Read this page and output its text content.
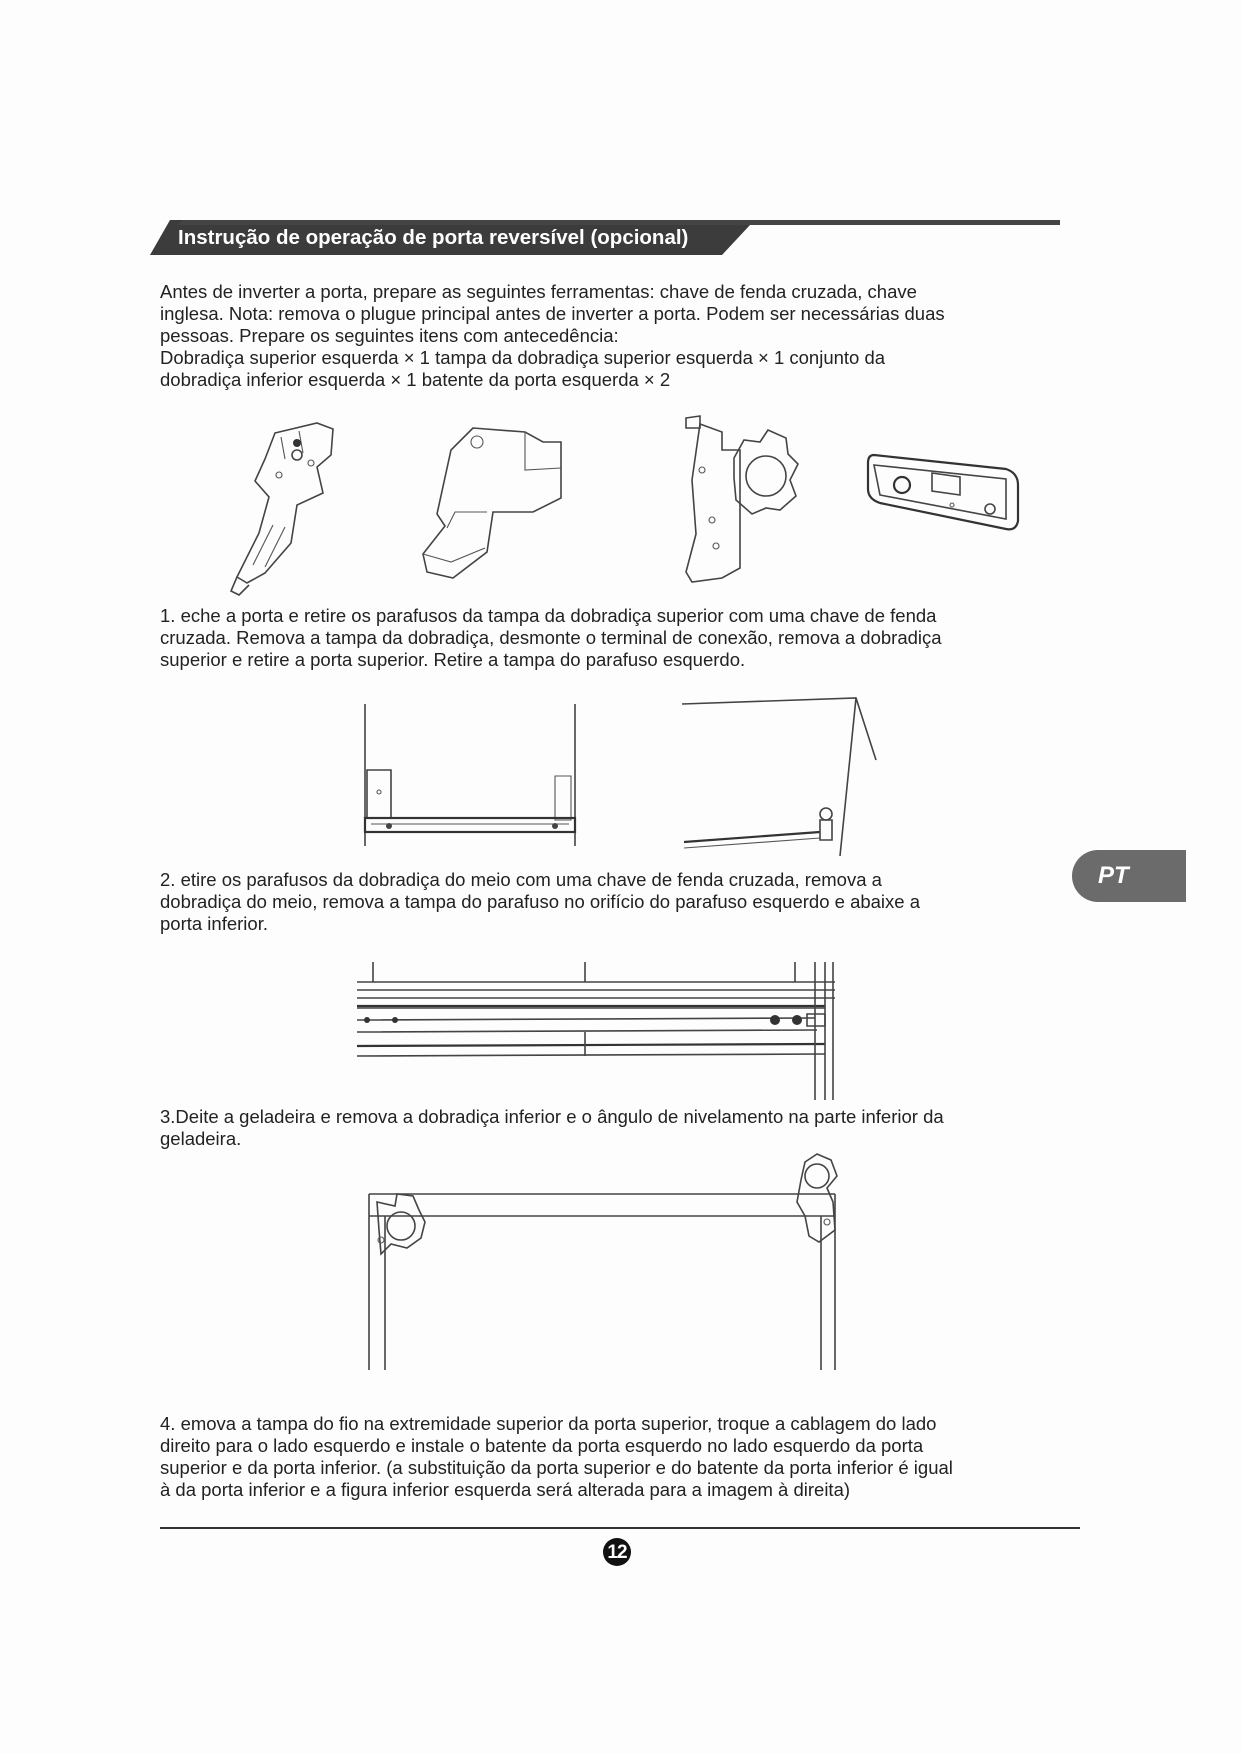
Instrução de operação de porta reversível (opcional)
Antes de inverter a porta, prepare as seguintes ferramentas: chave de fenda cruzada, chave
inglesa. Nota: remova o plugue principal antes de inverter a porta. Podem ser necessárias duas
pessoas. Prepare os seguintes itens com antecedência:
Dobradiça superior esquerda × 1 tampa da dobradiça superior esquerda × 1 conjunto da
dobradiça inferior esquerda × 1 batente da porta esquerda × 2
1. eche a porta e retire os parafusos da tampa da dobradiça superior com uma chave de fenda
cruzada. Remova a tampa da dobradiça, desmonte o terminal de conexão, remova a dobradiça
superior e retire a porta superior. Retire a tampa do parafuso esquerdo.
2. etire os parafusos da dobradiça do meio com uma chave de fenda cruzada, remova a
dobradiça do meio, remova a tampa do parafuso no orifício do parafuso esquerdo e abaixe a
porta inferior.
3.Deite a geladeira e remova a dobradiça inferior e o ângulo de nivelamento na parte inferior da
geladeira.
4. emova a tampa do fio na extremidade superior da porta superior, troque a cablagem do lado
direito para o lado esquerdo e instale o batente da porta esquerdo no lado esquerdo da porta
superior e da porta inferior. (a substituição da porta superior e do batente da porta inferior é igual
à da porta inferior e a figura inferior esquerda será alterada para a imagem à direita)
12
PT
